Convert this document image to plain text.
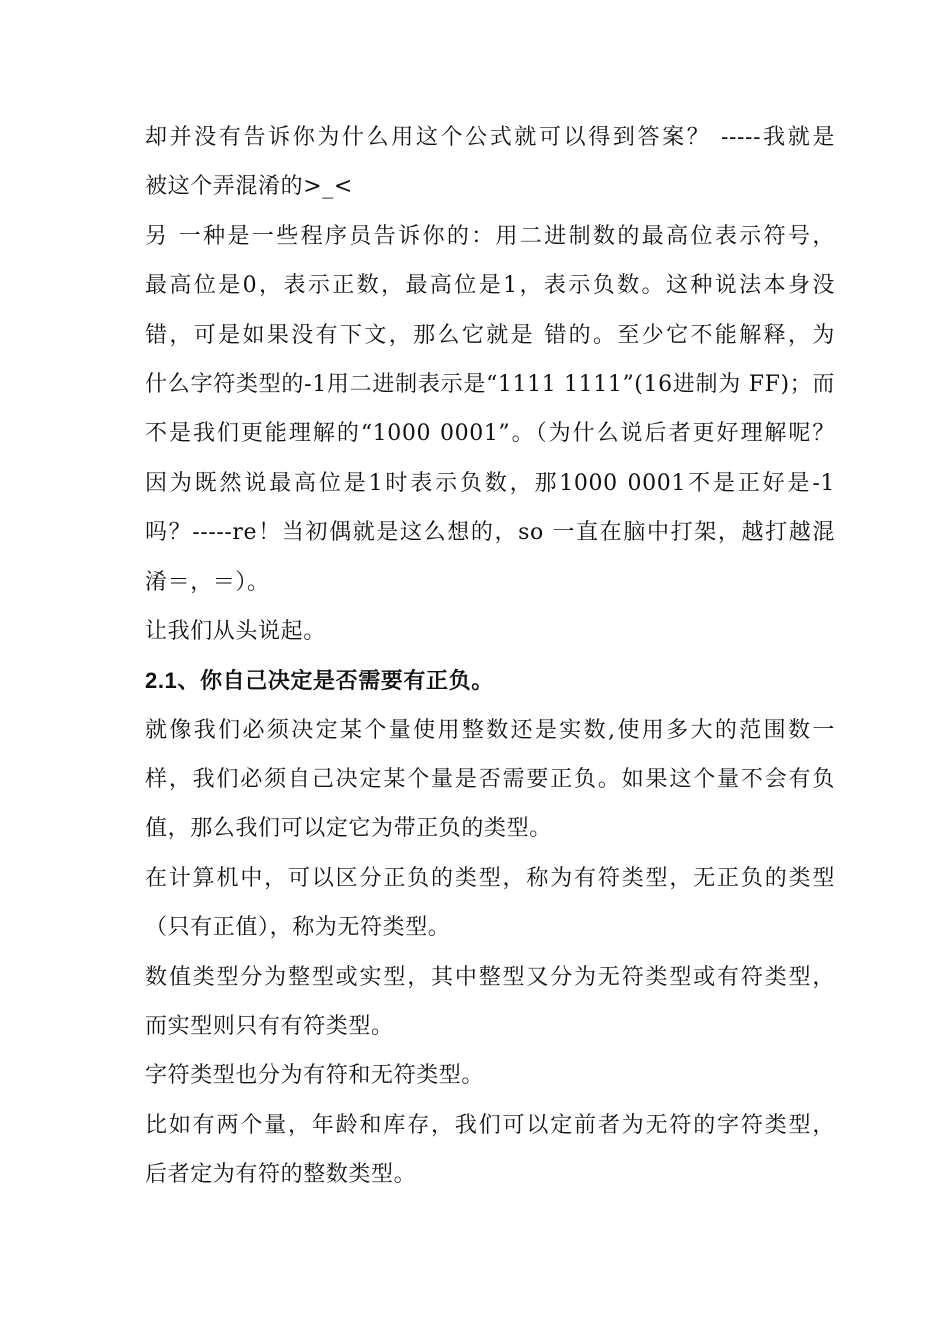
却并没有告诉你为什么用这个公式就可以得到答案？ -----我就是
被这个弄混淆的>_<
另 一种是一些程序员告诉你的：用二进制数的最高位表示符号，
最高位是0，表示正数，最高位是1，表示负数。这种说法本身没
错，可是如果没有下文，那么它就是 错的。至少它不能解释，为
什么字符类型的-1用二进制表示是“1111 1111”(16进制为 FF)；而
不是我们更能理解的“1000 0001”。（为什么说后者更好理解呢？
因为既然说最高位是1时表示负数，那1000 0001不是正好是-1
吗？-----re！当初偶就是这么想的，so 一直在脑中打架，越打越混
淆＝，＝）。
让我们从头说起。
2.1、你自己决定是否需要有正负。
就像我们必须决定某个量使用整数还是实数,使用多大的范围数一
样，我们必须自己决定某个量是否需要正负。如果这个量不会有负
值，那么我们可以定它为带正负的类型。
在计算机中，可以区分正负的类型，称为有符类型，无正负的类型
（只有正值），称为无符类型。
数值类型分为整型或实型，其中整型又分为无符类型或有符类型，
而实型则只有有符类型。
字符类型也分为有符和无符类型。
比如有两个量，年龄和库存，我们可以定前者为无符的字符类型，
后者定为有符的整数类型。
